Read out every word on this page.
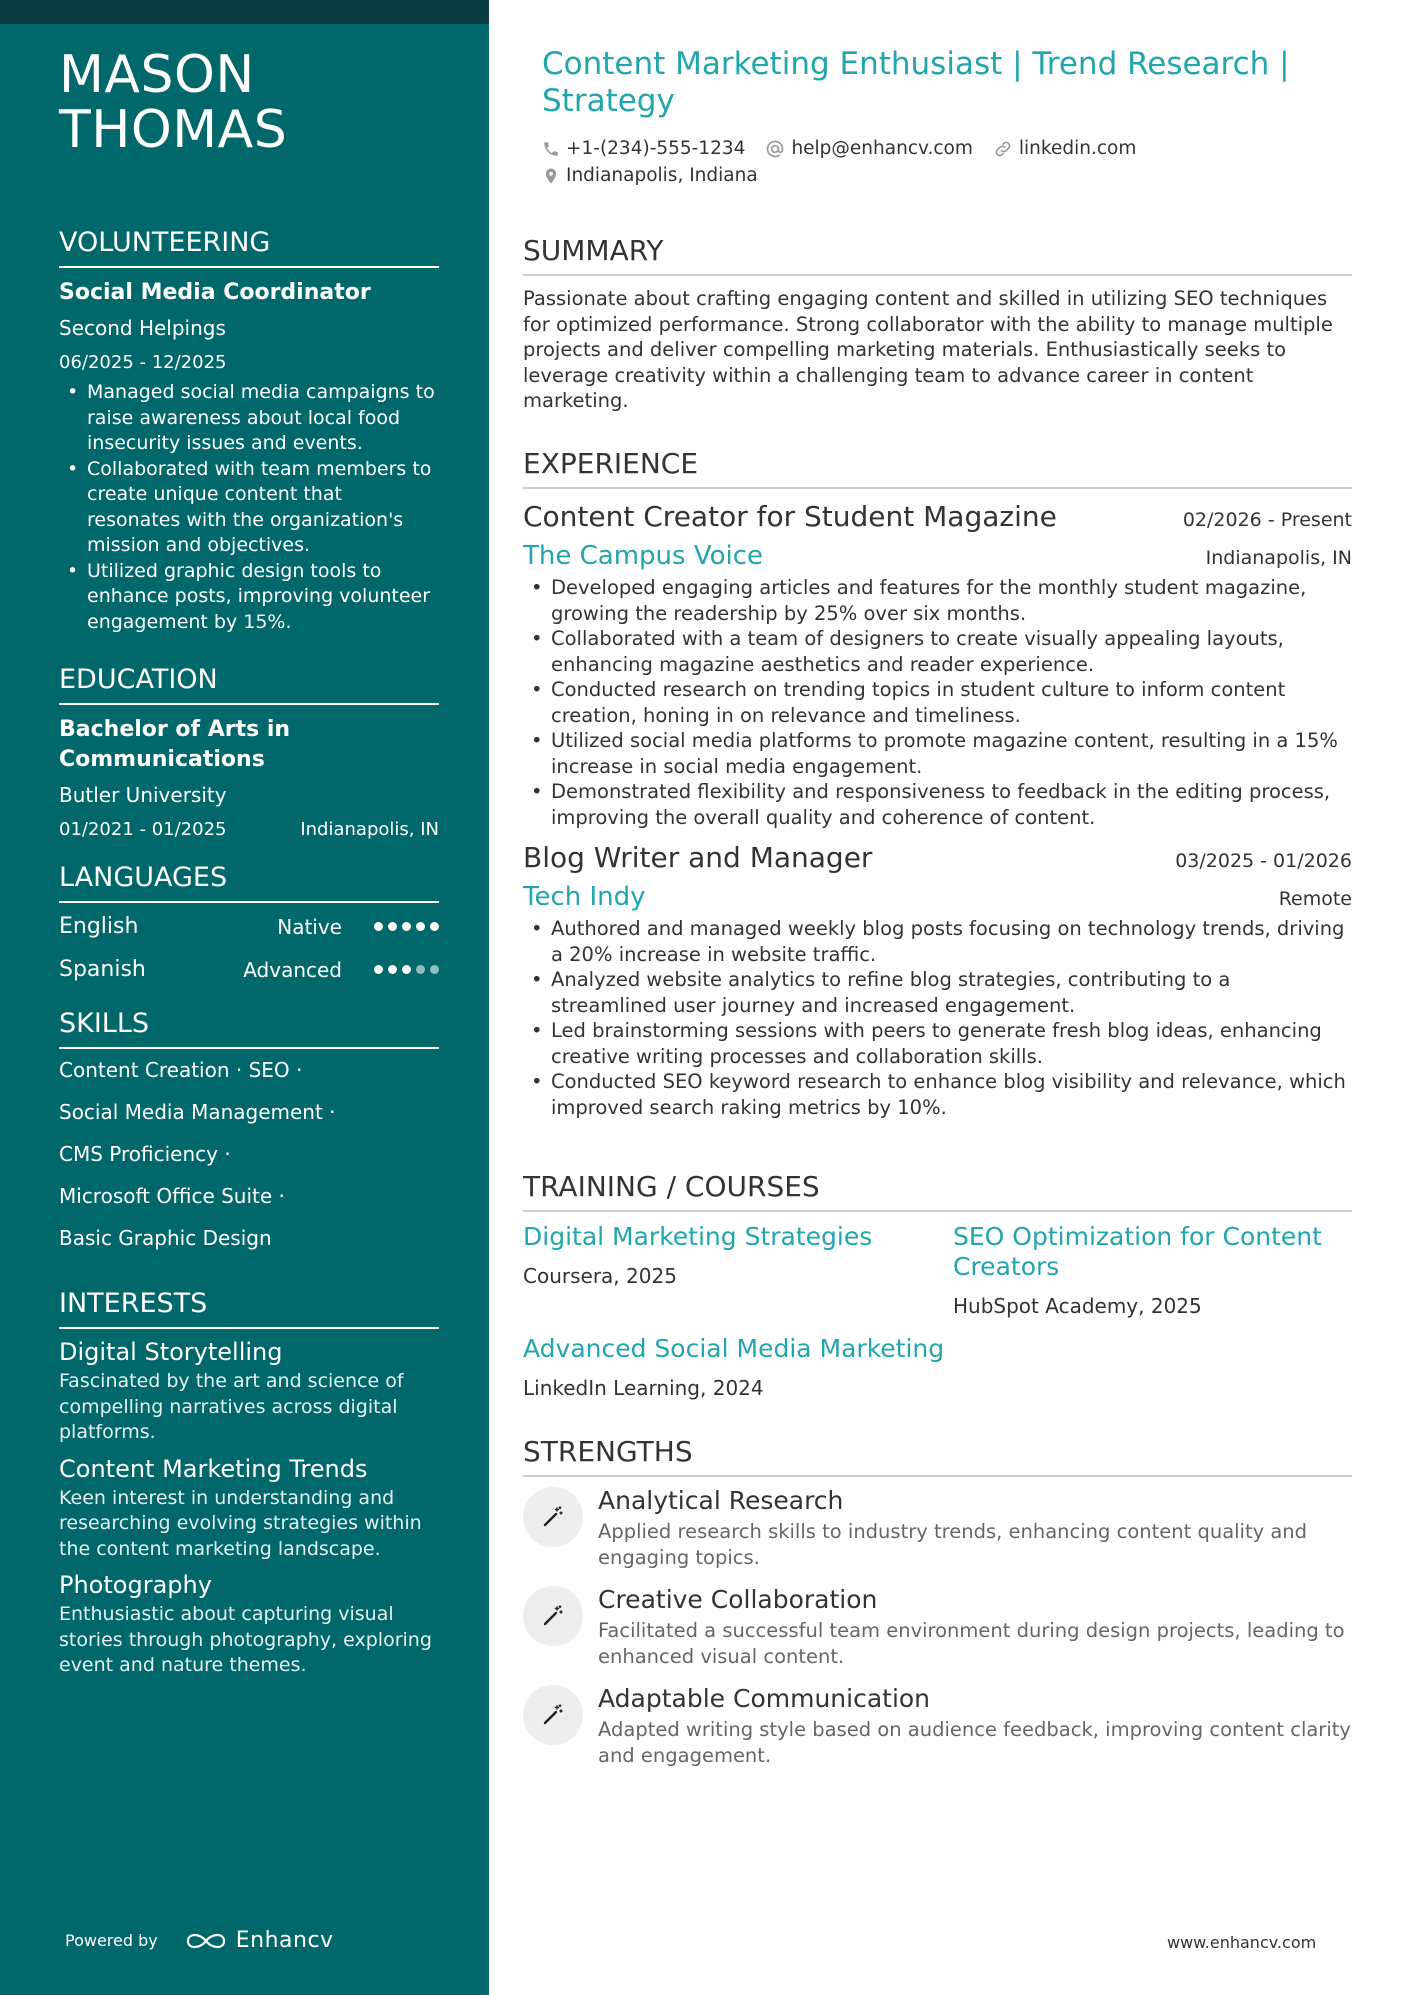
MASON THOMAS
VOLUNTEERING
Social Media Coordinator
Second Helpings
06/2025 - 12/2025
• Managed social media campaigns to raise awareness about local food insecurity issues and events.
• Collaborated with team members to create unique content that resonates with the organization's mission and objectives.
• Utilized graphic design tools to enhance posts, improving volunteer engagement by 15%.
EDUCATION
Bachelor of Arts in Communications
Butler University
01/2021 - 01/2025	Indianapolis, IN
LANGUAGES
English	Native
Spanish	Advanced
SKILLS
Content Creation · SEO ·
Social Media Management ·
CMS Proficiency ·
Microsoft Office Suite ·
Basic Graphic Design
INTERESTS
Digital Storytelling
Fascinated by the art and science of compelling narratives across digital platforms.
Content Marketing Trends
Keen interest in understanding and researching evolving strategies within the content marketing landscape.
Photography
Enthusiastic about capturing visual stories through photography, exploring event and nature themes.
Powered by	Enhancv
Content Marketing Enthusiast | Trend Research | Strategy
+1-(234)-555-1234 help@enhancv.com linkedin.com
Indianapolis, Indiana
SUMMARY
Passionate about crafting engaging content and skilled in utilizing SEO techniques for optimized performance. Strong collaborator with the ability to manage multiple projects and deliver compelling marketing materials. Enthusiastically seeks to leverage creativity within a challenging team to advance career in content marketing.
EXPERIENCE
Content Creator for Student Magazine	02/2026 - Present
The Campus Voice	Indianapolis, IN
• Developed engaging articles and features for the monthly student magazine, growing the readership by 25% over six months.
• Collaborated with a team of designers to create visually appealing layouts, enhancing magazine aesthetics and reader experience.
• Conducted research on trending topics in student culture to inform content creation, honing in on relevance and timeliness.
• Utilized social media platforms to promote magazine content, resulting in a 15% increase in social media engagement.
• Demonstrated flexibility and responsiveness to feedback in the editing process, improving the overall quality and coherence of content.
Blog Writer and Manager	03/2025 - 01/2026
Tech Indy	Remote
• Authored and managed weekly blog posts focusing on technology trends, driving a 20% increase in website traffic.
• Analyzed website analytics to refine blog strategies, contributing to a streamlined user journey and increased engagement.
• Led brainstorming sessions with peers to generate fresh blog ideas, enhancing creative writing processes and collaboration skills.
• Conducted SEO keyword research to enhance blog visibility and relevance, which improved search raking metrics by 10%.
TRAINING / COURSES
Digital Marketing Strategies
Coursera, 2025
SEO Optimization for Content Creators
HubSpot Academy, 2025
Advanced Social Media Marketing
LinkedIn Learning, 2024
STRENGTHS
Analytical Research
Applied research skills to industry trends, enhancing content quality and engaging topics.
Creative Collaboration
Facilitated a successful team environment during design projects, leading to enhanced visual content.
Adaptable Communication
Adapted writing style based on audience feedback, improving content clarity and engagement.
www.enhancv.com
